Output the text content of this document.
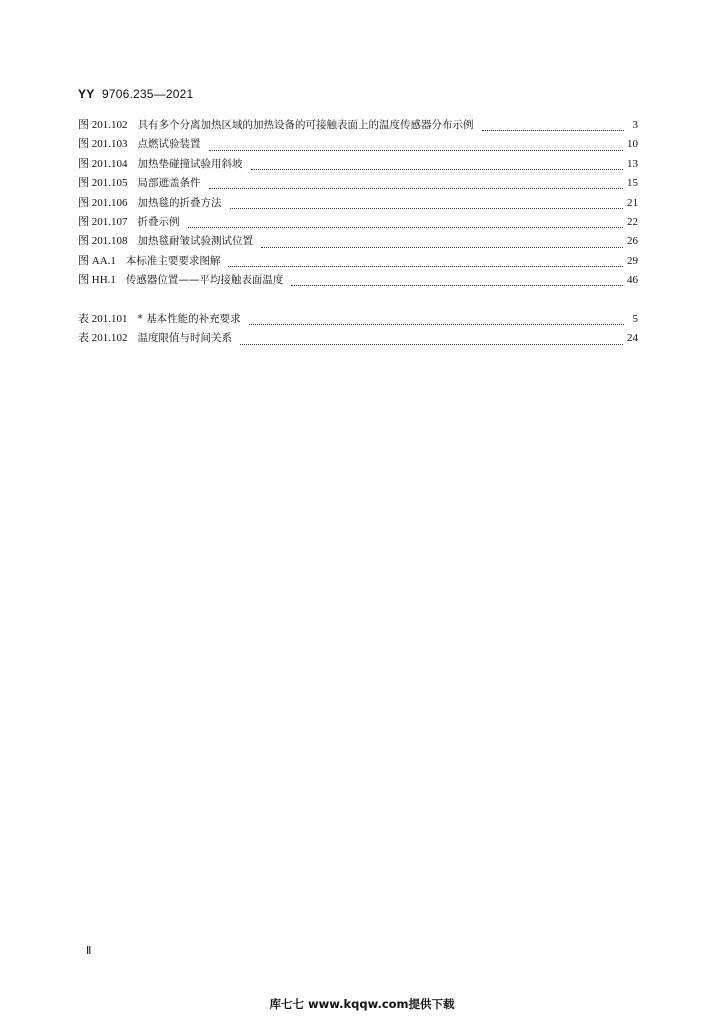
YY 9706.235—2021
图 201.102 具有多个分离加热区域的加热设备的可接触表面上的温度传感器分布示例	3
图 201.103 点燃试验装置	10
图 201.104 加热垫碰撞试验用斜坡	13
图 201.105 局部遮盖条件	15
图 201.106 加热毯的折叠方法	21
图 201.107 折叠示例	22
图 201.108 加热毯耐皱试验测试位置	26
图 AA.1 本标准主要要求图解	29
图 HH.1 传感器位置——平均接触表面温度	46
表 201.101 * 基本性能的补充要求	5
表 201.102 温度限值与时间关系	24
Ⅱ
库七七 www.kqqw.com提供下载
